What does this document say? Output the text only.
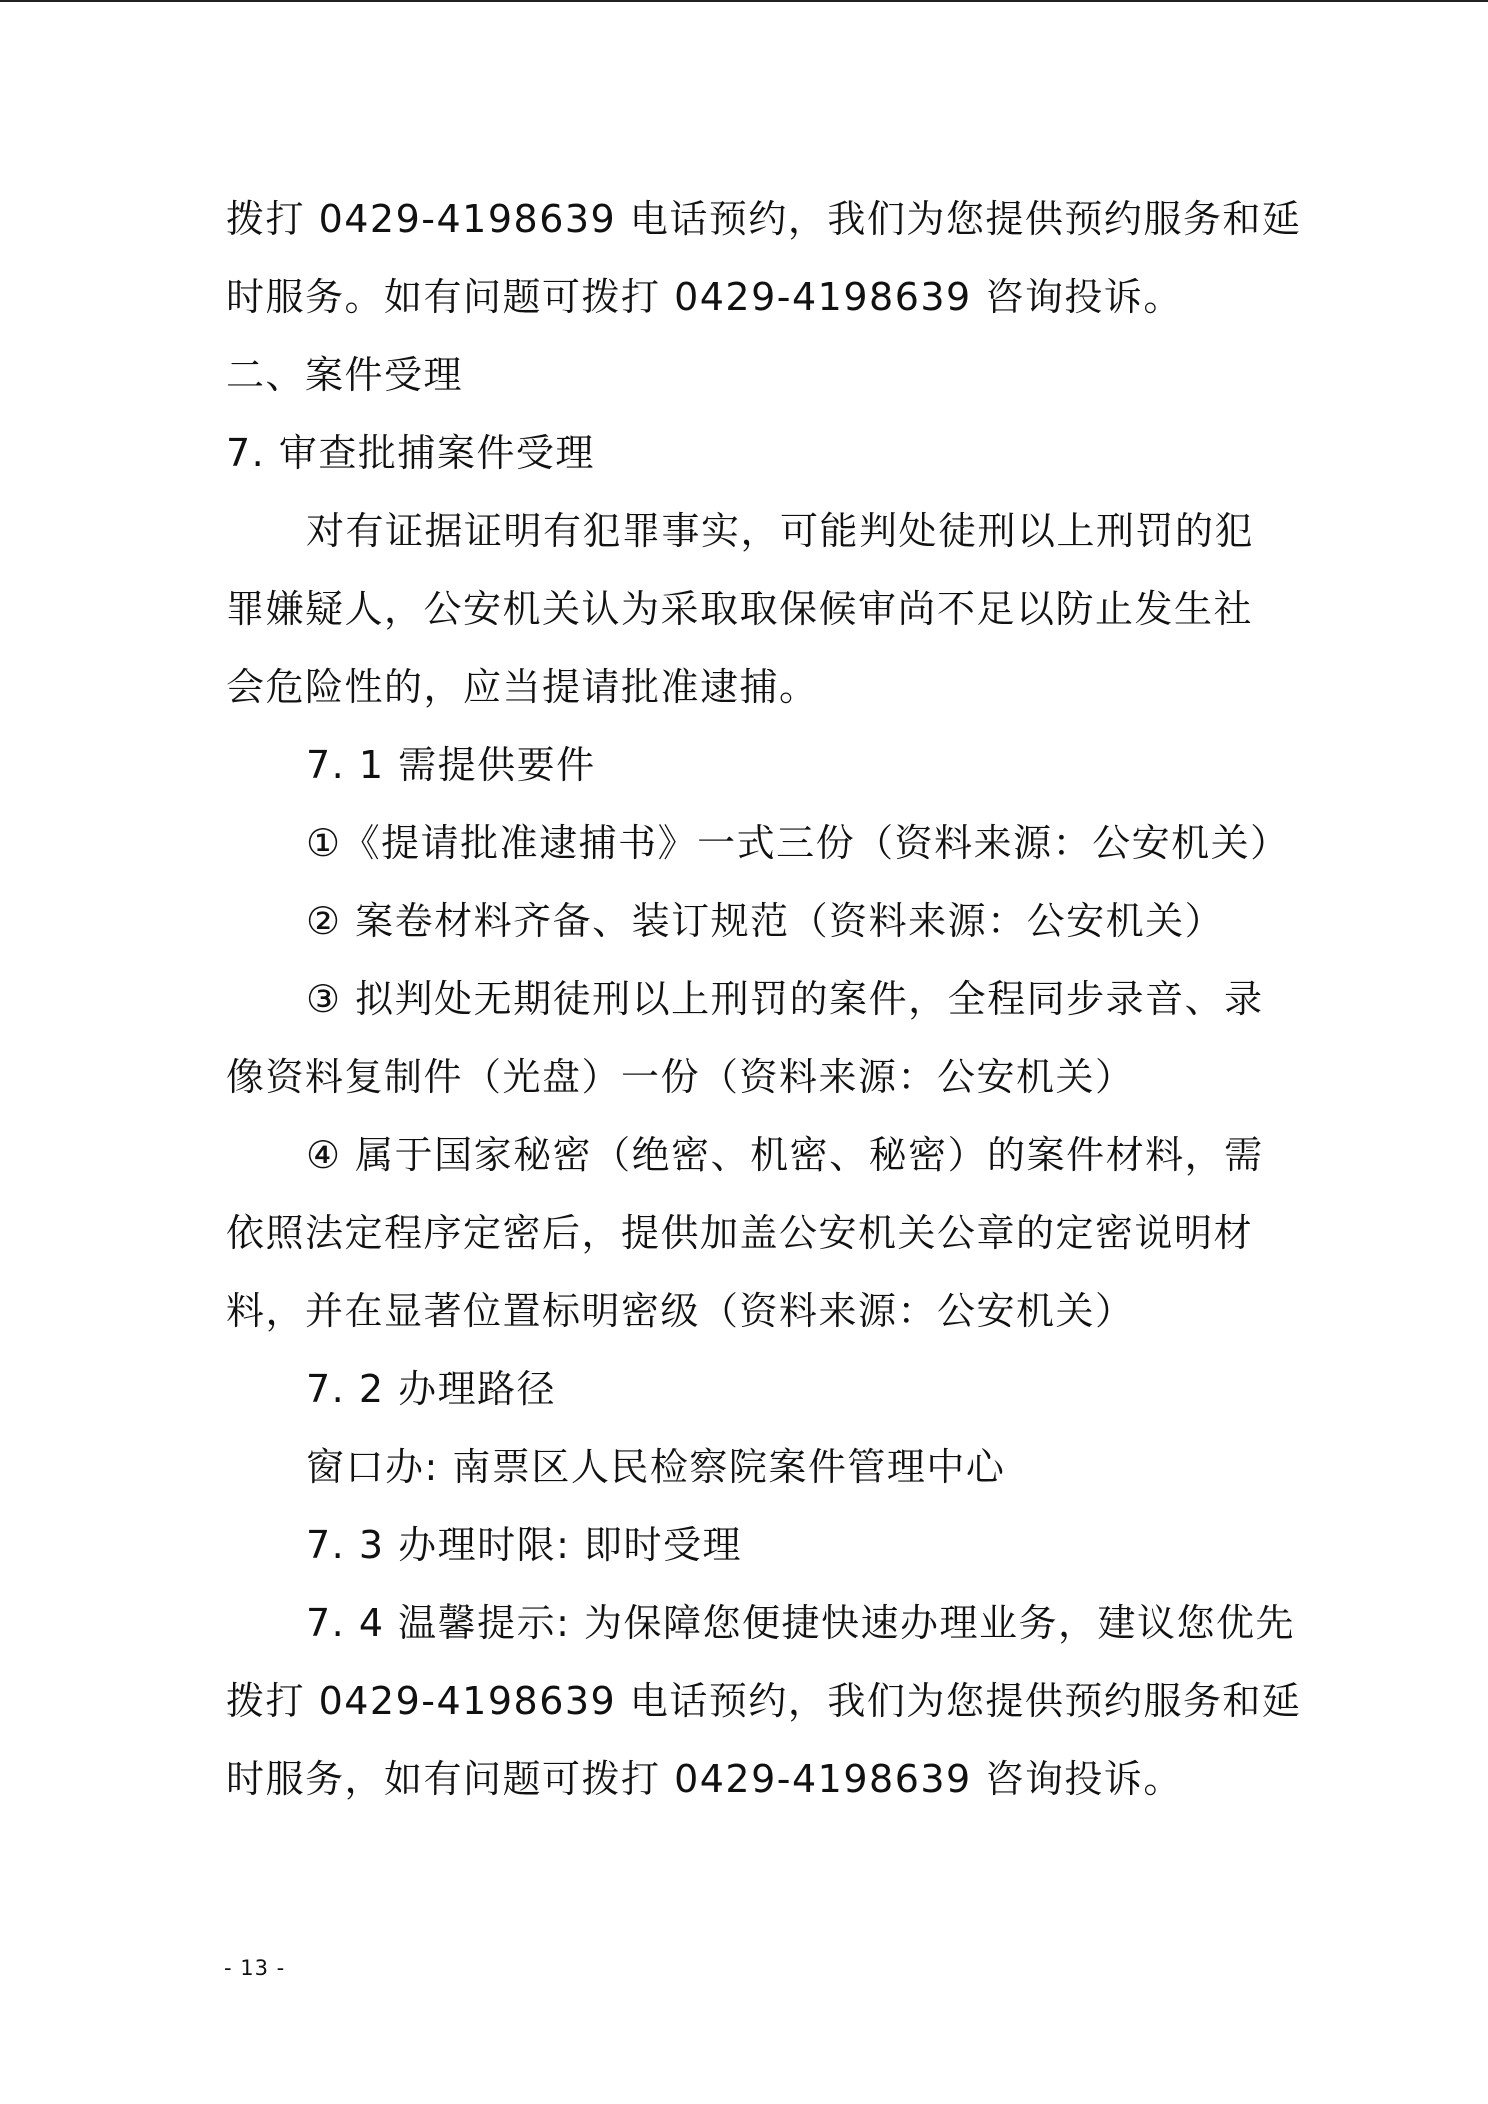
拨打 0429-4198639 电话预约，我们为您提供预约服务和延
时服务。如有问题可拨打 0429-4198639 咨询投诉。
二、案件受理
7. 审查批捕案件受理
对有证据证明有犯罪事实，可能判处徒刑以上刑罚的犯
罪嫌疑人，公安机关认为采取取保候审尚不足以防止发生社
会危险性的，应当提请批准逮捕。
7. 1 需提供要件
①《提请批准逮捕书》一式三份（资料来源：公安机关）
② 案卷材料齐备、装订规范（资料来源：公安机关）
③ 拟判处无期徒刑以上刑罚的案件，全程同步录音、录
像资料复制件（光盘）一份（资料来源：公安机关）
④ 属于国家秘密（绝密、机密、秘密）的案件材料，需
依照法定程序定密后，提供加盖公安机关公章的定密说明材
料，并在显著位置标明密级（资料来源：公安机关）
7. 2 办理路径
窗口办: 南票区人民检察院案件管理中心
7. 3 办理时限: 即时受理
7. 4 温馨提示: 为保障您便捷快速办理业务，建议您优先
拨打 0429-4198639 电话预约，我们为您提供预约服务和延
时服务，如有问题可拨打 0429-4198639 咨询投诉。
- 13 -
